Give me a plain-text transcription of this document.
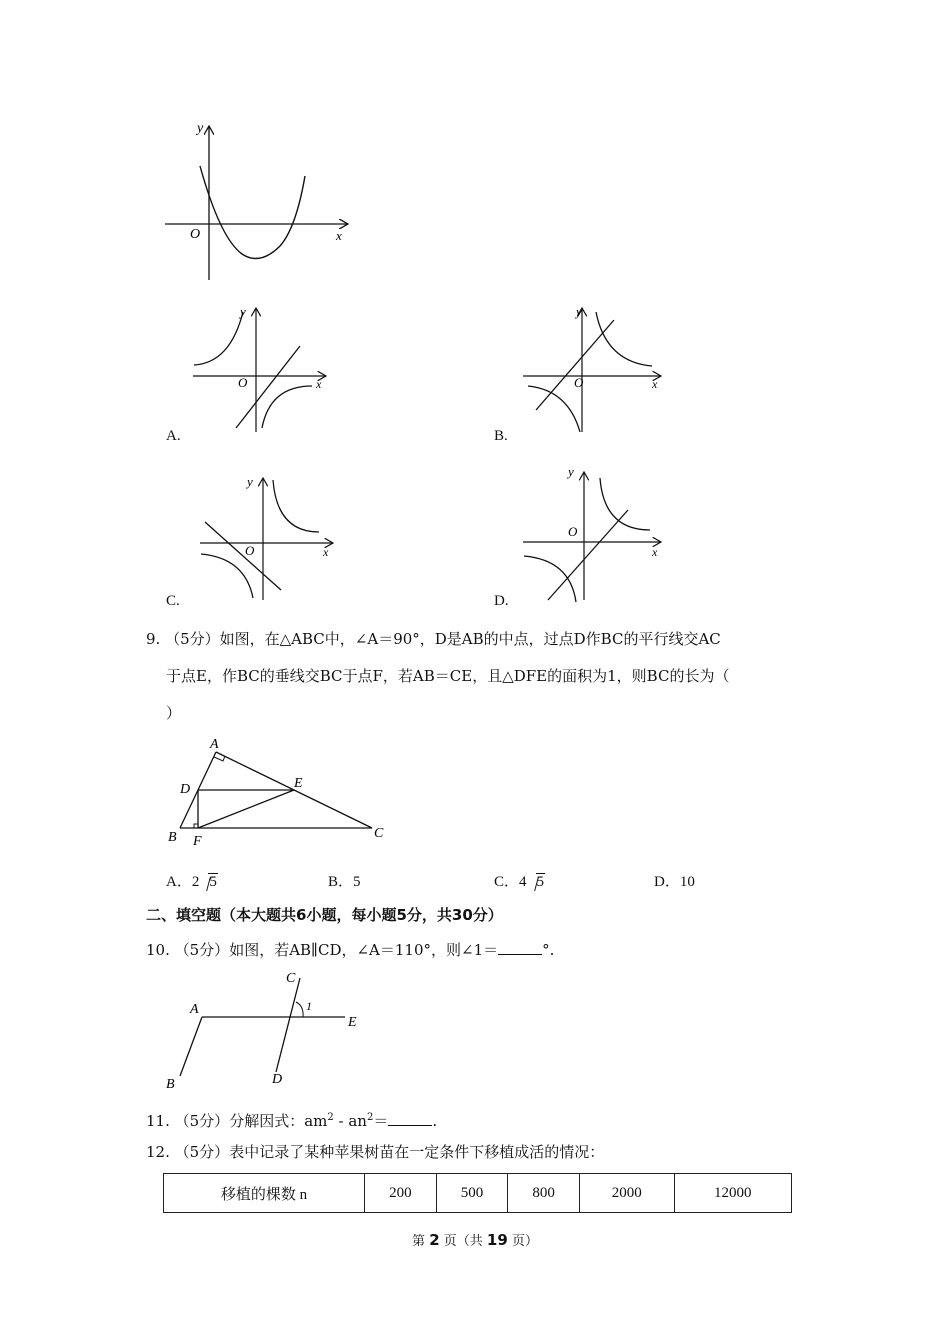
y
x
O
y
x
O
A.
y
x
O
B.
y
x
O
C.
y
x
O
D.
9. （5分）如图，在△ABC中，∠A＝90°，D是AB的中点，过点D作BC的平行线交AC
于点E，作BC的垂线交BC于点F，若AB＝CE，且△DFE的面积为1，则BC的长为（
）
A
B	C
D	E
F
A．2 5	B．5	C．4 5	D．10
二、填空题（本大题共6小题，每小题5分，共30分）
10. （5分）如图，若AB∥CD，∠A＝110°，则∠1＝	°.
A
B
C
D
E
1
11. （5分）分解因式：$am^2 - an^2=$	.
12. （5分）表中记录了某种苹果树苗在一定条件下移植成活的情况：
移植的棵数 n	200	500	800	2000	12000
第 2 页（共 19 页）
